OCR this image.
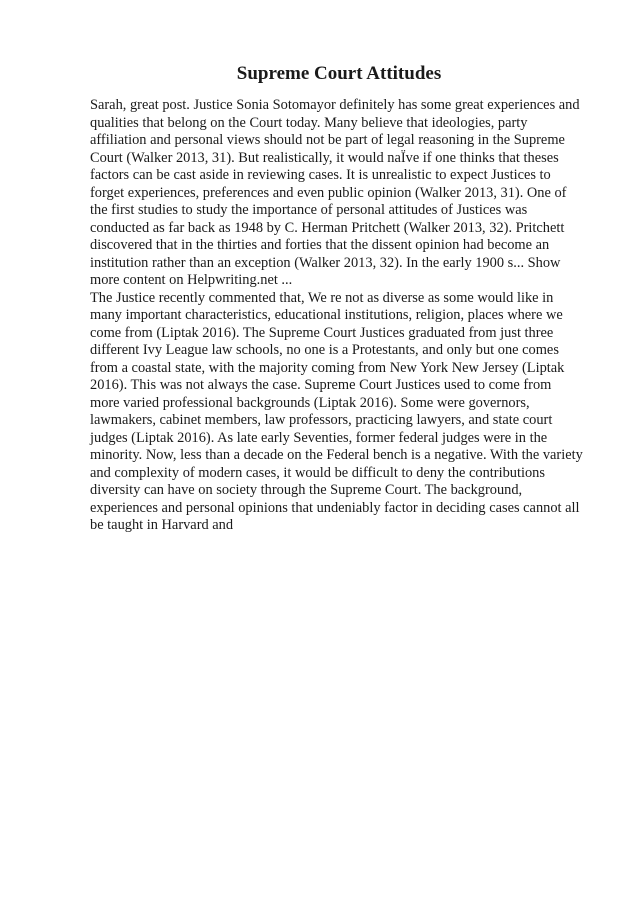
Supreme Court Attitudes
Sarah, great post. Justice Sonia Sotomayor definitely has some great experiences and
qualities that belong on the Court today. Many believe that ideologies, party
affiliation and personal views should not be part of legal reasoning in the Supreme
Court (Walker 2013, 31). But realistically, it would naÏve if one thinks that theses
factors can be cast aside in reviewing cases. It is unrealistic to expect Justices to
forget experiences, preferences and even public opinion (Walker 2013, 31). One of
the first studies to study the importance of personal attitudes of Justices was
conducted as far back as 1948 by C. Herman Pritchett (Walker 2013, 32). Pritchett
discovered that in the thirties and forties that the dissent opinion had become an
institution rather than an exception (Walker 2013, 32). In the early 1900 s... Show
more content on Helpwriting.net ...
The Justice recently commented that, We re not as diverse as some would like in
many important characteristics, educational institutions, religion, places where we
come from (Liptak 2016). The Supreme Court Justices graduated from just three
different Ivy League law schools, no one is a Protestants, and only but one comes
from a coastal state, with the majority coming from New York New Jersey (Liptak
2016). This was not always the case. Supreme Court Justices used to come from
more varied professional backgrounds (Liptak 2016). Some were governors,
lawmakers, cabinet members, law professors, practicing lawyers, and state court
judges (Liptak 2016). As late early Seventies, former federal judges were in the
minority. Now, less than a decade on the Federal bench is a negative. With the variety
and complexity of modern cases, it would be difficult to deny the contributions
diversity can have on society through the Supreme Court. The background,
experiences and personal opinions that undeniably factor in deciding cases cannot all
be taught in Harvard and
